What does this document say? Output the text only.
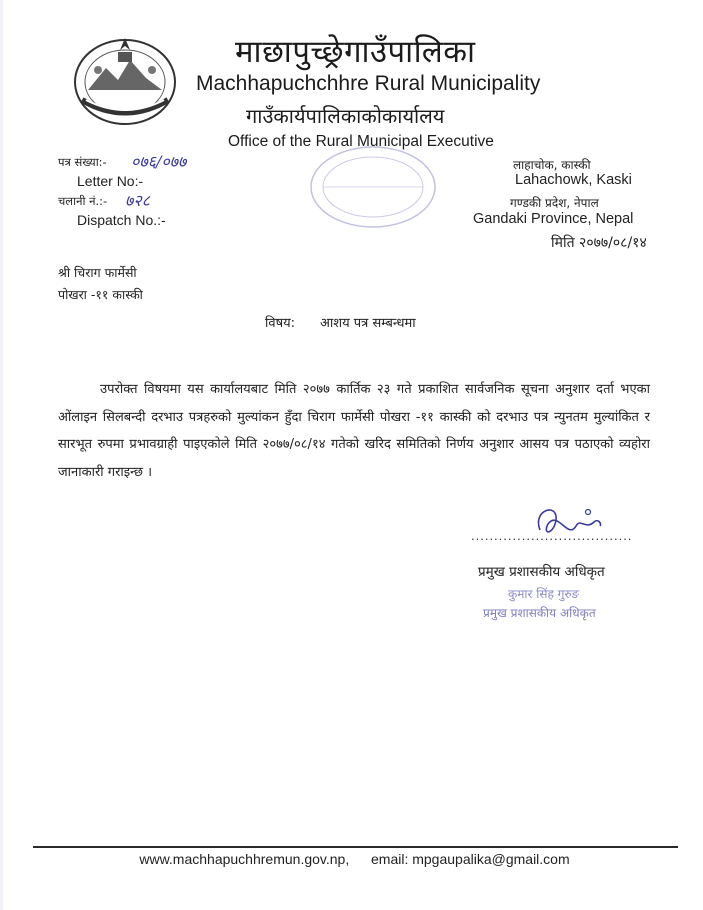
माछापुच्छ्रेगाउँपालिका
Machhapuchchhre Rural Municipality
गाउँकार्यपालिकाकोकार्यालय
Office of the Rural Municipal Executive
पत्र संख्या:- ०७६/०७७
Letter No:-
चलानी नं.:- ७२८
Dispatch No.:-
लाहाचोक, कास्की
Lahachowk, Kaski
गण्डकी प्रदेश, नेपाल
Gandaki Province, Nepal
मिति २०७७/०८/१४
श्री चिराग फार्मेसी
पोखरा -११ कास्की
विषय: आशय पत्र सम्बन्धमा
उपरोक्त विषयमा यस कार्यालयबाट मिति २०७७ कार्तिक २३ गते प्रकाशित सार्वजनिक सूचना अनुशार दर्ता भएका ओंलाइन सिलबन्दी दरभाउ पत्रहरुको मुल्यांकन हुँदा चिराग फार्मेसी पोखरा -११ कास्की को दरभाउ पत्र न्युनतम मुल्यांकित र सारभूत रुपमा प्रभावग्राही पाइएकोले मिति २०७७/०८/१४ गतेको खरिद समितिको निर्णय अनुशार आसय पत्र पठाएको व्यहोरा जानाकारी गराइन्छ ।
...................................
प्रमुख प्रशासकीय अधिकृत
कुमार सिंह गुरुङ
प्रमुख प्रशासकीय अधिकृत
www.machhapuchhremun.gov.np, email: mpgaupalika@gmail.com
